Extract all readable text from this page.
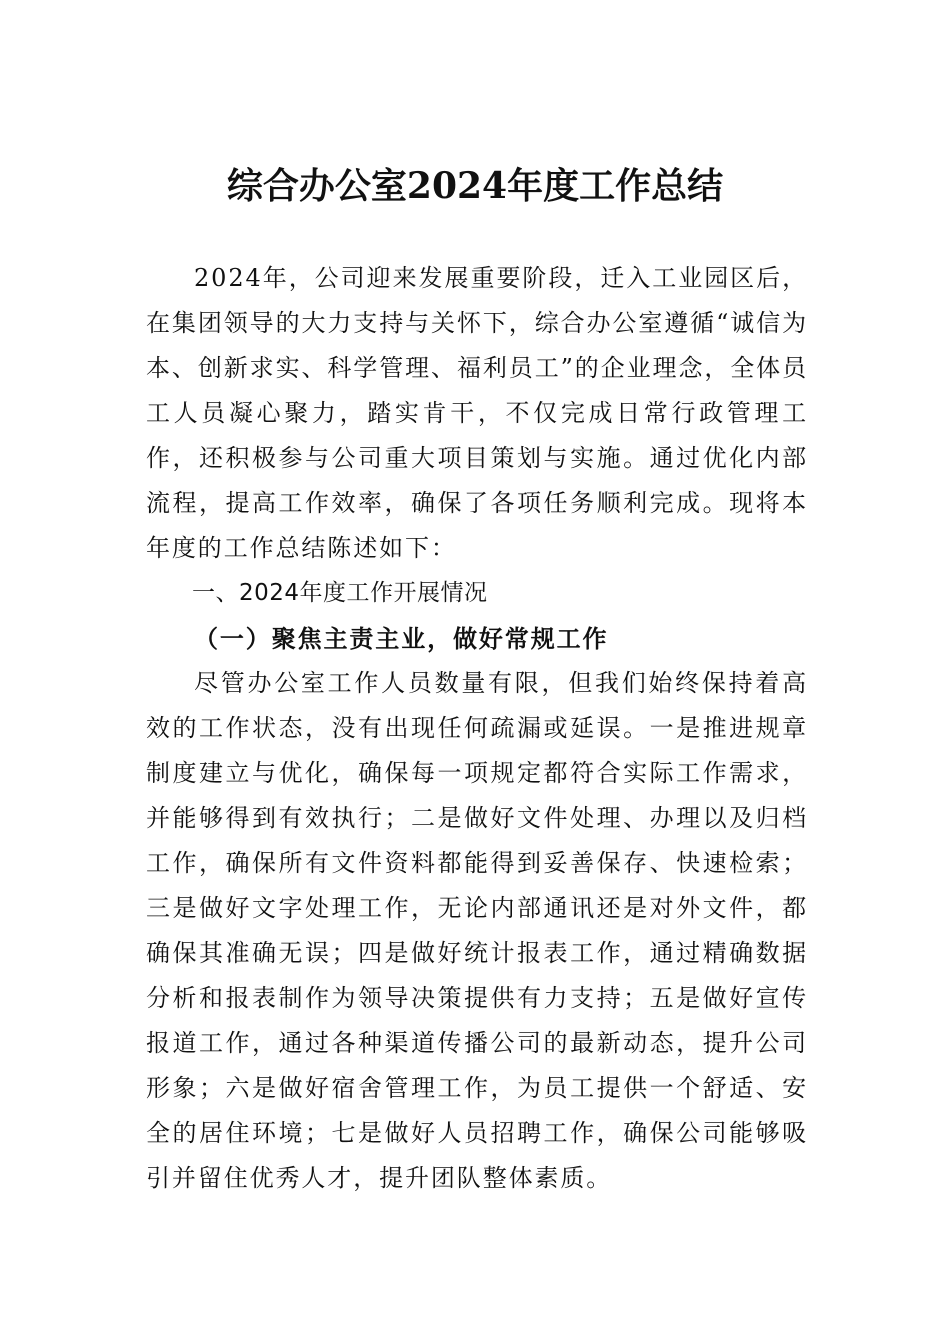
综合办公室2024年度工作总结

2024年，公司迎来发展重要阶段，迁入工业园区后，在集团领导的大力支持与关怀下，综合办公室遵循“诚信为本、创新求实、科学管理、福利员工”的企业理念，全体员工人员凝心聚力，踏实肯干，不仅完成日常行政管理工作，还积极参与公司重大项目策划与实施。通过优化内部流程，提高工作效率，确保了各项任务顺利完成。现将本年度的工作总结陈述如下：

一、2024年度工作开展情况

（一）聚焦主责主业，做好常规工作

尽管办公室工作人员数量有限，但我们始终保持着高效的工作状态，没有出现任何疏漏或延误。一是推进规章制度建立与优化，确保每一项规定都符合实际工作需求，并能够得到有效执行；二是做好文件处理、办理以及归档工作，确保所有文件资料都能得到妥善保存、快速检索；三是做好文字处理工作，无论内部通讯还是对外文件，都确保其准确无误；四是做好统计报表工作，通过精确数据分析和报表制作为领导决策提供有力支持；五是做好宣传报道工作，通过各种渠道传播公司的最新动态，提升公司形象；六是做好宿舍管理工作，为员工提供一个舒适、安全的居住环境；七是做好人员招聘工作，确保公司能够吸引并留住优秀人才，提升团队整体素质。
